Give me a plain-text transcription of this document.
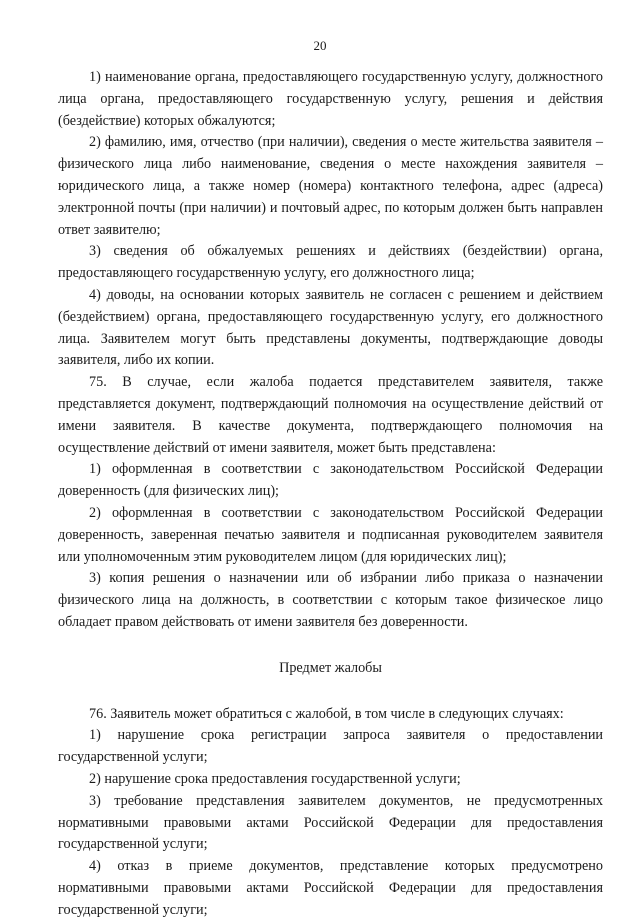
20

1) наименование органа, предоставляющего государственную услугу, должностного лица органа, предоставляющего государственную услугу, решения и действия (бездействие) которых обжалуются;

2) фамилию, имя, отчество (при наличии), сведения о месте жительства заявителя – физического лица либо наименование, сведения о месте нахождения заявителя – юридического лица, а также номер (номера) контактного телефона, адрес (адреса) электронной почты (при наличии) и почтовый адрес, по которым должен быть направлен ответ заявителю;

3) сведения об обжалуемых решениях и действиях (бездействии) органа, предоставляющего государственную услугу, его должностного лица;

4) доводы, на основании которых заявитель не согласен с решением и действием (бездействием) органа, предоставляющего государственную услугу, его должностного лица. Заявителем могут быть представлены документы, подтверждающие доводы заявителя, либо их копии.

75. В случае, если жалоба подается представителем заявителя, также представляется документ, подтверждающий полномочия на осуществление действий от имени заявителя. В качестве документа, подтверждающего полномочия на осуществление действий от имени заявителя, может быть представлена:

1) оформленная в соответствии с законодательством Российской Федерации доверенность (для физических лиц);

2) оформленная в соответствии с законодательством Российской Федерации доверенность, заверенная печатью заявителя и подписанная руководителем заявителя или уполномоченным этим руководителем лицом (для юридических лиц);

3) копия решения о назначении или об избрании либо приказа о назначении физического лица на должность, в соответствии с которым такое физическое лицо обладает правом действовать от имени заявителя без доверенности.

Предмет жалобы

76. Заявитель может обратиться с жалобой, в том числе в следующих случаях:

1) нарушение срока регистрации запроса заявителя о предоставлении государственной услуги;

2) нарушение срока предоставления государственной услуги;

3) требование представления заявителем документов, не предусмотренных нормативными правовыми актами Российской Федерации для предоставления государственной услуги;

4) отказ в приеме документов, представление которых предусмотрено нормативными правовыми актами Российской Федерации для предоставления государственной услуги;
